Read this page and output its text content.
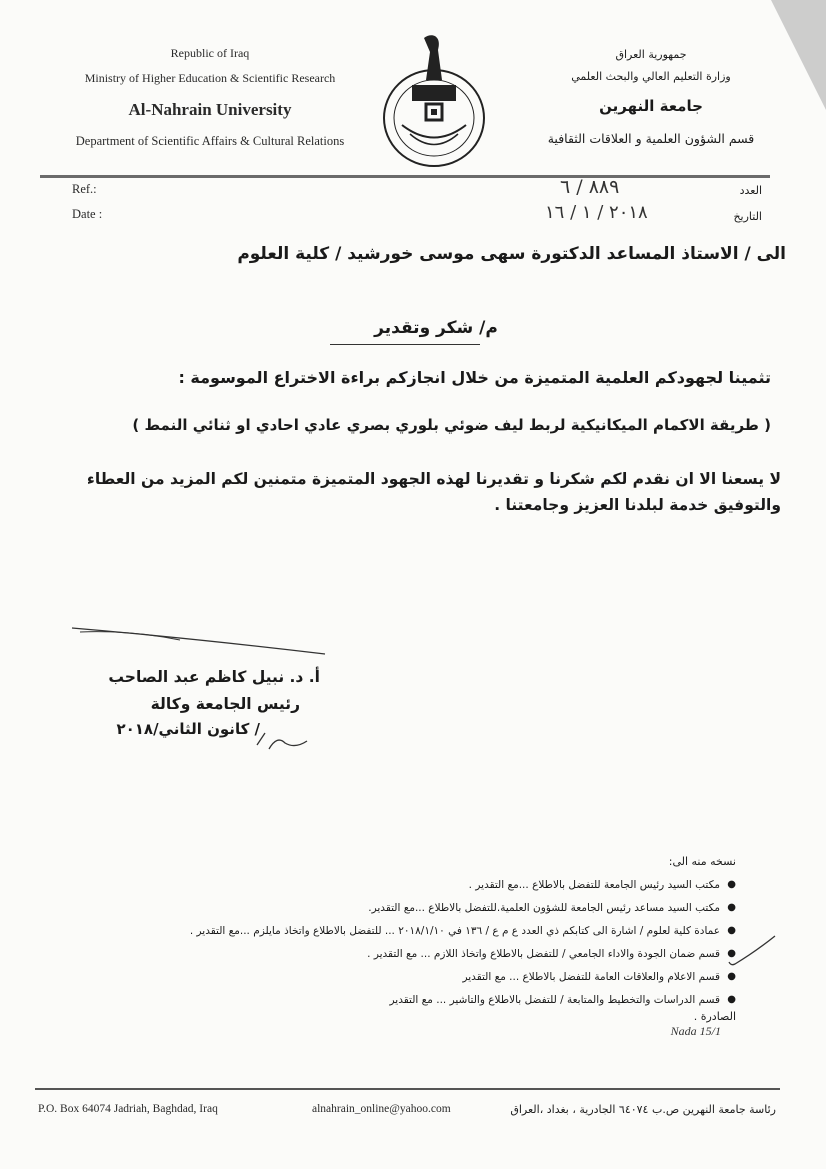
Republic of Iraq
Ministry of Higher Education & Scientific Research
Al-Nahrain University
Department of Scientific Affairs & Cultural Relations
جمهورية العراق
وزارة التعليم العالي والبحث العلمي
جامعة النهرين
قسم الشؤون العلمية و العلاقات الثقافية
Ref.:
Date :
العدد
التاريخ
٨٨٩ / ٦
٢٠١٨ / ١ / ١٦
الى / الاستاذ المساعد الدكتورة سهى موسى خورشيد / كلية العلوم
م/ شكر وتقدير
تثمينا لجهودكم العلمية المتميزة من خلال انجازكم براءة الاختراع الموسومة :
( طريقة الاكمام الميكانيكية لربط ليف ضوئي بلوري بصري عادي احادي او ثنائي النمط )
لا يسعنا الا ان نقدم لكم شكرنا و تقديرنا لهذه الجهود المتميزة متمنين لكم المزيد من العطاء والتوفيق خدمة لبلدنا العزيز وجامعتنا .
أ. د. نبيل كاظم عبد الصاحب
رئيس الجامعة وكالة
/ كانون الثاني/٢٠١٨
نسخه منه الى:
●
مكتب السيد رئيس الجامعة للتفضل بالاطلاع ...مع التقدير .
●
مكتب السيد مساعد رئيس الجامعة للشؤون العلمية.للتفضل بالاطلاع ...مع التقدير.
●
عمادة كلية لعلوم / اشارة الى كتابكم ذي العدد ع م ع / ١٣٦ في ٢٠١٨/١/١٠ ... للتفضل بالاطلاع واتخاذ مايلزم ...مع التقدير .
●
قسم ضمان الجودة والاداء الجامعي / للتفضل بالاطلاع واتخاذ اللازم ... مع التقدير .
●
قسم الاعلام والعلاقات العامة للتفضل بالاطلاع ... مع التقدير
●
قسم الدراسات والتخطيط والمتابعة / للتفضل بالاطلاع والتاشير ... مع التقدير
الصادرة .
Nada 15/1
P.O. Box 64074 Jadriah, Baghdad, Iraq	alnahrain_online@yahoo.com	رئاسة جامعة النهرين ص.ب ٦٤٠٧٤ الجادرية ، بغداد ،العراق
